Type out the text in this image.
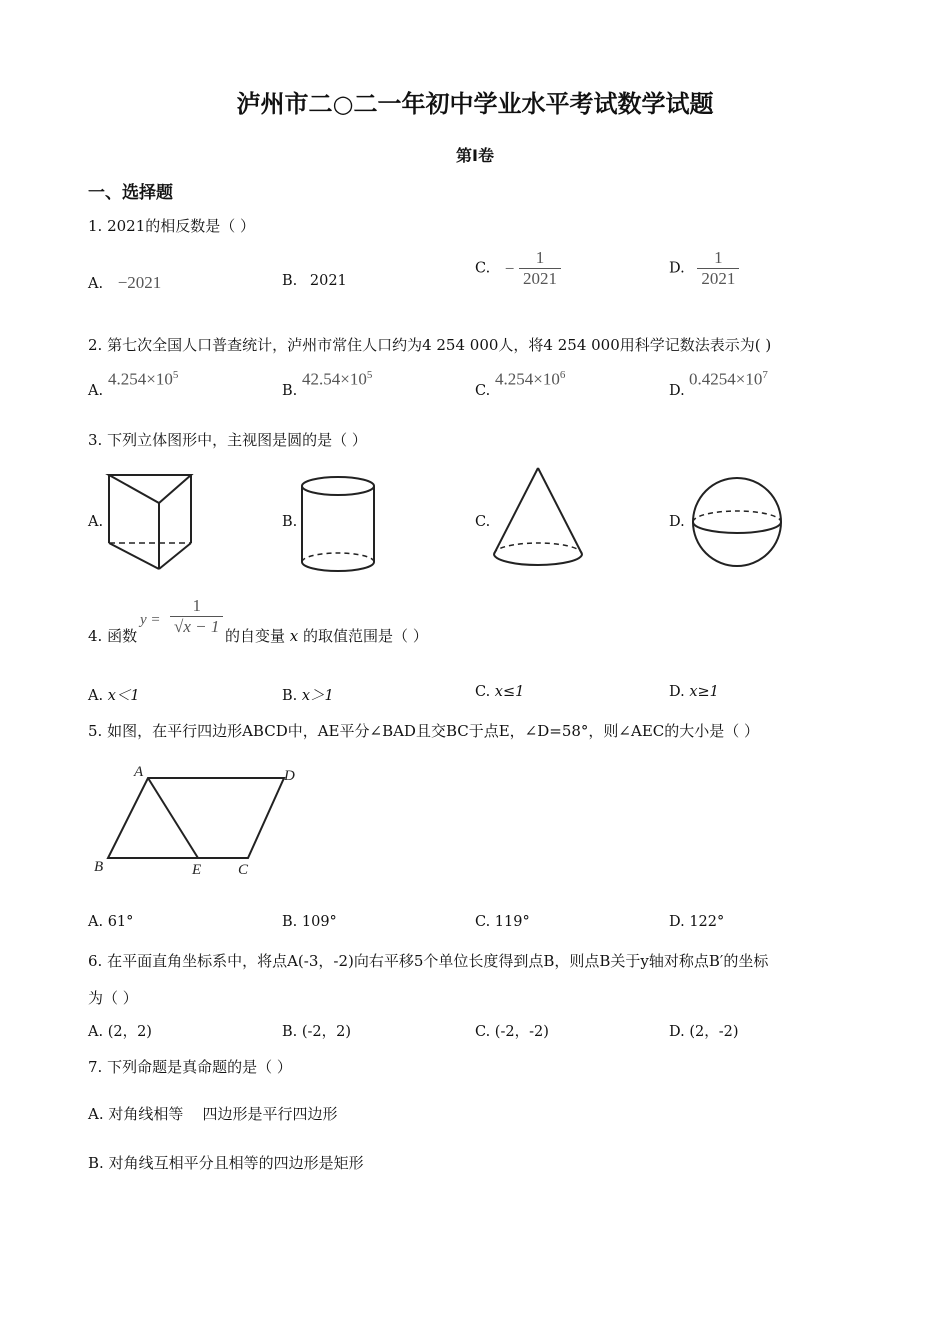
泸州市二○二一年初中学业水平考试数学试题
第Ⅰ卷
一、选择题
1. 2021的相反数是（ ）
A. −2021	B. 2021
C. − $\frac{1}{2021}$	D. $\frac{1}{2021}$
2. 第七次全国人口普查统计，泸州市常住人口约为4 254 000人，将4 254 000用科学记数法表示为( )
A.
$4.254\times 10^5$
B.
$42.54\times 10^5$
C.
$4.254\times 10^6$
D.
$0.4254\times 10^7$
3. 下列立体图形中，主视图是圆的是（ ）
A.	B.	C.	D.
4. 函数
$y = \frac{1}{√x - 1}$ 的自变量 x 的取值范围是（ ）
A. x＜1	B. x＞1	C. x≤1	D. x≥1
5. 如图，在平行四边形ABCD中，AE平分∠BAD且交BC于点E，∠D=58°，则∠AEC的大小是（ ）
A	D
B	E C
A. 61°	B. 109°	C. 119°	D. 122°
6. 在平面直角坐标系中，将点A(-3，-2)向右平移5个单位长度得到点B，则点B关于y轴对称点B′的坐标
为（ ）
A. (2，2)	B. (-2，2)	C. (-2，-2)	D. (2，-2)
7. 下列命题是真命题的是（ ）
A. 对角线相等    四边形是平行四边形
B. 对角线互相平分且相等的四边形是矩形
